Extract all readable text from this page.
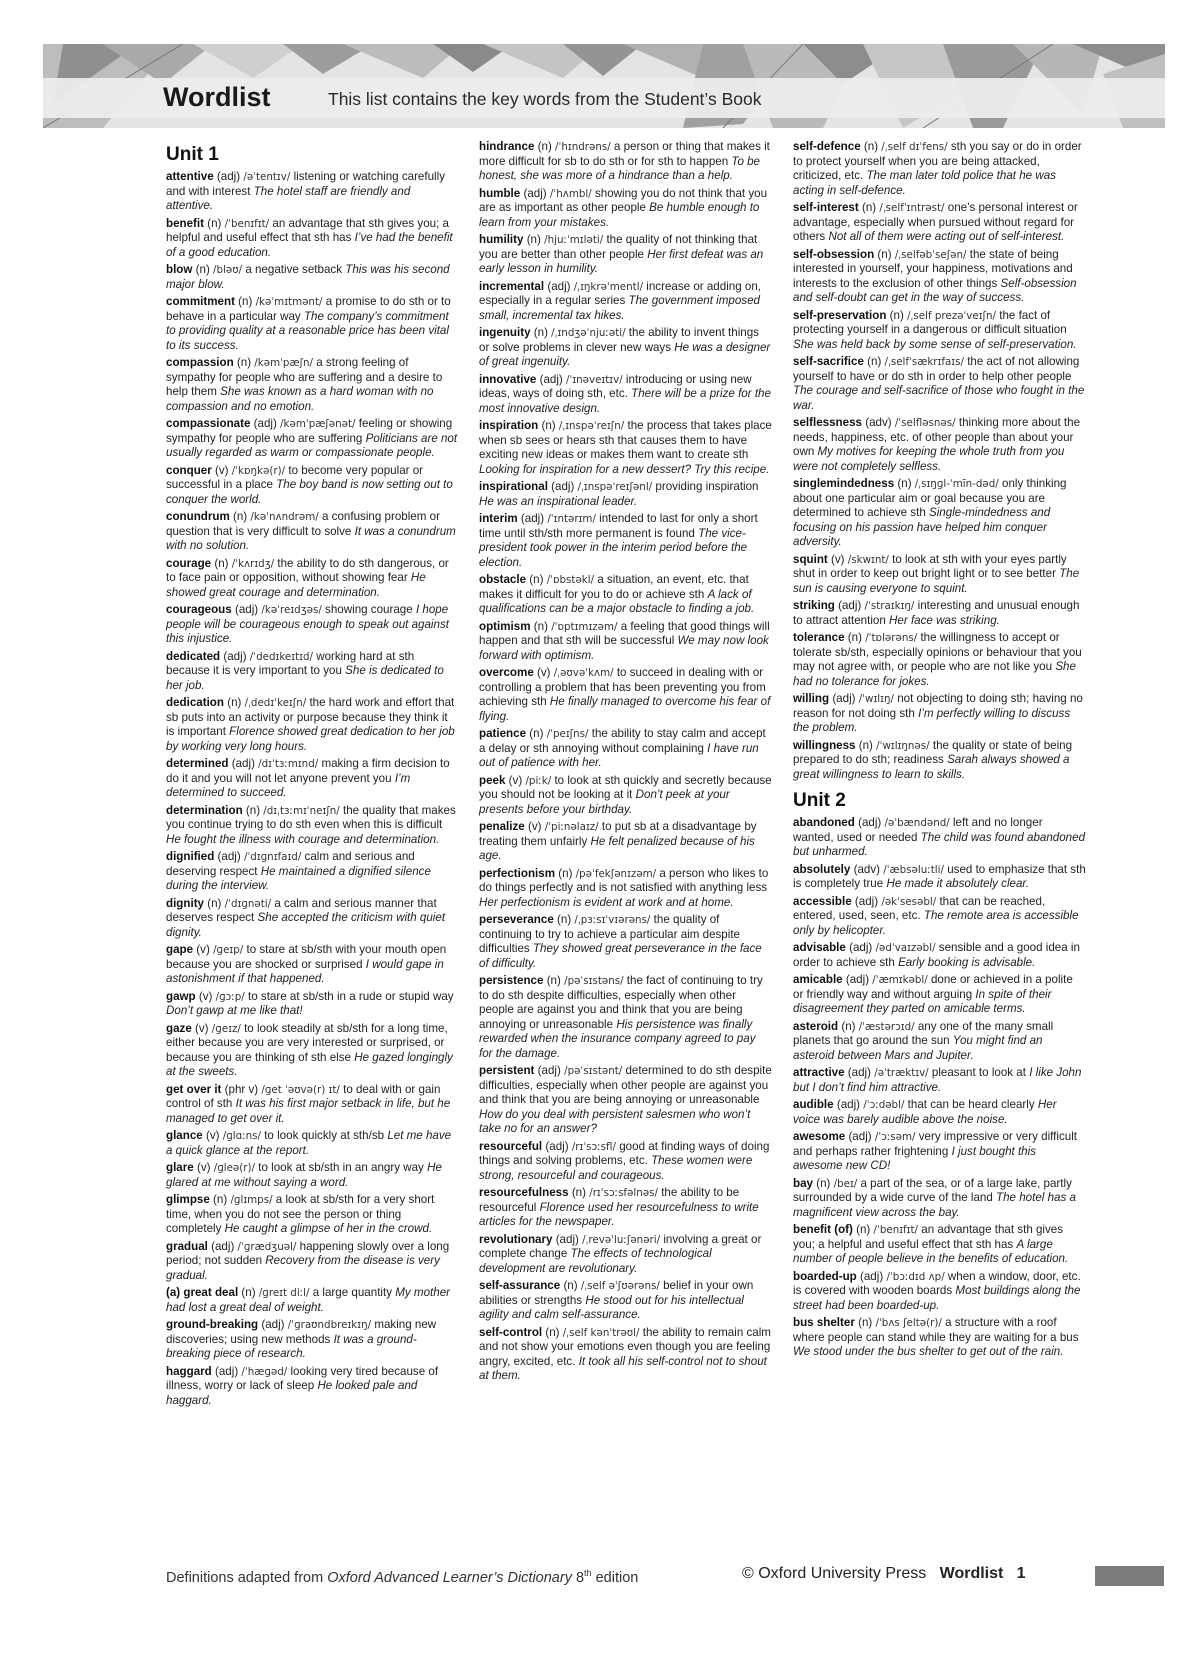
Wordlist	This list contains the key words from the Student’s Book
Unit 1
attentive (adj) /əˈtentɪv/ listening or watching carefully and with interest The hotel staff are friendly and attentive.
benefit (n) /ˈbenɪfɪt/ an advantage that sth gives you; a helpful and useful effect that sth has I’ve had the benefit of a good education.
blow (n) /bləʊ/ a negative setback This was his second major blow.
commitment (n) /kəˈmɪtmənt/ a promise to do sth or to behave in a particular way The company’s commitment to providing quality at a reasonable price has been vital to its success.
compassion (n) /kəmˈpæʃn/ a strong feeling of sympathy for people who are suffering and a desire to help them She was known as a hard woman with no compassion and no emotion.
compassionate (adj) /kəmˈpæʃənət/ feeling or showing sympathy for people who are suffering Politicians are not usually regarded as warm or compassionate people.
conquer (v) /ˈkɒŋkə(r)/ to become very popular or successful in a place The boy band is now setting out to conquer the world.
conundrum (n) /kəˈnʌndrəm/ a confusing problem or question that is very difficult to solve It was a conundrum with no solution.
courage (n) /ˈkʌrɪdʒ/ the ability to do sth dangerous, or to face pain or opposition, without showing fear He showed great courage and determination.
courageous (adj) /kəˈreɪdʒəs/ showing courage I hope people will be courageous enough to speak out against this injustice.
dedicated (adj) /ˈdedɪkeɪtɪd/ working hard at sth because it is very important to you She is dedicated to her job.
dedication (n) /ˌdedɪˈkeɪʃn/ the hard work and effort that sb puts into an activity or purpose because they think it is important Florence showed great dedication to her job by working very long hours.
determined (adj) /dɪˈtɜːmɪnd/ making a firm decision to do it and you will not let anyone prevent you I’m determined to succeed.
determination (n) /dɪˌtɜːmɪˈneɪʃn/ the quality that makes you continue trying to do sth even when this is difficult He fought the illness with courage and determination.
dignified (adj) /ˈdɪɡnɪfaɪd/ calm and serious and deserving respect He maintained a dignified silence during the interview.
dignity (n) /ˈdɪɡnəti/ a calm and serious manner that deserves respect She accepted the criticism with quiet dignity.
gape (v) /ɡeɪp/ to stare at sb/sth with your mouth open because you are shocked or surprised I would gape in astonishment if that happened.
gawp (v) /ɡɔːp/ to stare at sb/sth in a rude or stupid way Don’t gawp at me like that!
gaze (v) /ɡeɪz/ to look steadily at sb/sth for a long time, either because you are very interested or surprised, or because you are thinking of sth else He gazed longingly at the sweets.
get over it (phr v) /ɡet ˈəʊvə(r) ɪt/ to deal with or gain control of sth It was his first major setback in life, but he managed to get over it.
glance (v) /ɡlɑːns/ to look quickly at sth/sb Let me have a quick glance at the report.
glare (v) /ɡleə(r)/ to look at sb/sth in an angry way He glared at me without saying a word.
glimpse (n) /ɡlɪmps/ a look at sb/sth for a very short time, when you do not see the person or thing completely He caught a glimpse of her in the crowd.
gradual (adj) /ˈɡrædʒuəl/ happening slowly over a long period; not sudden Recovery from the disease is very gradual.
(a) great deal (n) /ɡreɪt diːl/ a large quantity My mother had lost a great deal of weight.
ground-breaking (adj) /ˈɡraʊndbreɪkɪŋ/ making new discoveries; using new methods It was a ground-breaking piece of research.
haggard (adj) /ˈhæɡəd/ looking very tired because of illness, worry or lack of sleep He looked pale and haggard.
hindrance (n) /ˈhɪndrəns/ a person or thing that makes it more difficult for sb to do sth or for sth to happen To be honest, she was more of a hindrance than a help.
humble (adj) /ˈhʌmbl/ showing you do not think that you are as important as other people Be humble enough to learn from your mistakes.
humility (n) /hjuːˈmɪləti/ the quality of not thinking that you are better than other people Her first defeat was an early lesson in humility.
incremental (adj) /ˌɪŋkrəˈmentl/ increase or adding on, especially in a regular series The government imposed small, incremental tax hikes.
ingenuity (n) /ˌɪndʒəˈnjuːəti/ the ability to invent things or solve problems in clever new ways He was a designer of great ingenuity.
innovative (adj) /ˈɪnəveɪtɪv/ introducing or using new ideas, ways of doing sth, etc. There will be a prize for the most innovative design.
inspiration (n) /ˌɪnspəˈreɪʃn/ the process that takes place when sb sees or hears sth that causes them to have exciting new ideas or makes them want to create sth Looking for inspiration for a new dessert? Try this recipe.
inspirational (adj) /ˌɪnspəˈreɪʃənl/ providing inspiration He was an inspirational leader.
interim (adj) /ˈɪntərɪm/ intended to last for only a short time until sth/sth more permanent is found The vice-president took power in the interim period before the election.
obstacle (n) /ˈɒbstəkl/ a situation, an event, etc. that makes it difficult for you to do or achieve sth A lack of qualifications can be a major obstacle to finding a job.
optimism (n) /ˈɒptɪmɪzəm/ a feeling that good things will happen and that sth will be successful We may now look forward with optimism.
overcome (v) /ˌəʊvəˈkʌm/ to succeed in dealing with or controlling a problem that has been preventing you from achieving sth He finally managed to overcome his fear of flying.
patience (n) /ˈpeɪʃns/ the ability to stay calm and accept a delay or sth annoying without complaining I have run out of patience with her.
peek (v) /piːk/ to look at sth quickly and secretly because you should not be looking at it Don’t peek at your presents before your birthday.
penalize (v) /ˈpiːnəlaɪz/ to put sb at a disadvantage by treating them unfairly He felt penalized because of his age.
perfectionism (n) /pəˈfekʃənɪzəm/ a person who likes to do things perfectly and is not satisfied with anything less Her perfectionism is evident at work and at home.
perseverance (n) /ˌpɜːsɪˈvɪərəns/ the quality of continuing to try to achieve a particular aim despite difficulties They showed great perseverance in the face of difficulty.
persistence (n) /pəˈsɪstəns/ the fact of continuing to try to do sth despite difficulties, especially when other people are against you and think that you are being annoying or unreasonable His persistence was finally rewarded when the insurance company agreed to pay for the damage.
persistent (adj) /pəˈsɪstənt/ determined to do sth despite difficulties, especially when other people are against you and think that you are being annoying or unreasonable How do you deal with persistent salesmen who won’t take no for an answer?
resourceful (adj) /rɪˈsɔːsfl/ good at finding ways of doing things and solving problems, etc. These women were strong, resourceful and courageous.
resourcefulness (n) /rɪˈsɔːsfəlnəs/ the ability to be resourceful Florence used her resourcefulness to write articles for the newspaper.
revolutionary (adj) /ˌrevəˈluːʃənəri/ involving a great or complete change The effects of technological development are revolutionary.
self-assurance (n) /ˌself əˈʃʊərəns/ belief in your own abilities or strengths He stood out for his intellectual agility and calm self-assurance.
self-control (n) /ˌself kənˈtrəʊl/ the ability to remain calm and not show your emotions even though you are feeling angry, excited, etc. It took all his self-control not to shout at them.
self-defence (n) /ˌself dɪˈfens/ sth you say or do in order to protect yourself when you are being attacked, criticized, etc. The man later told police that he was acting in self-defence.
self-interest (n) /ˌselfˈɪntrəst/ one’s personal interest or advantage, especially when pursued without regard for others Not all of them were acting out of self-interest.
self-obsession (n) /ˌselfəbˈseʃən/ the state of being interested in yourself, your happiness, motivations and interests to the exclusion of other things Self-obsession and self-doubt can get in the way of success.
self-preservation (n) /ˌself prezəˈveɪʃn/ the fact of protecting yourself in a dangerous or difficult situation She was held back by some sense of self-preservation.
self-sacrifice (n) /ˌselfˈsækrɪfaɪs/ the act of not allowing yourself to have or do sth in order to help other people The courage and self-sacrifice of those who fought in the war.
selflessness (adv) /ˈselfləsnəs/ thinking more about the needs, happiness, etc. of other people than about your own My motives for keeping the whole truth from you were not completely selfless.
singlemindedness (n) /ˌsɪŋɡl-ˈmīn-dəd/ only thinking about one particular aim or goal because you are determined to achieve sth Single-mindedness and focusing on his passion have helped him conquer adversity.
squint (v) /skwɪnt/ to look at sth with your eyes partly shut in order to keep out bright light or to see better The sun is causing everyone to squint.
striking (adj) /ˈstraɪkɪŋ/ interesting and unusual enough to attract attention Her face was striking.
tolerance (n) /ˈtɒlərəns/ the willingness to accept or tolerate sb/sth, especially opinions or behaviour that you may not agree with, or people who are not like you She had no tolerance for jokes.
willing (adj) /ˈwɪlɪŋ/ not objecting to doing sth; having no reason for not doing sth I’m perfectly willing to discuss the problem.
willingness (n) /ˈwɪlɪŋnəs/ the quality or state of being prepared to do sth; readiness Sarah always showed a great willingness to learn to skills.
Unit 2
abandoned (adj) /əˈbændənd/ left and no longer wanted, used or needed The child was found abandoned but unharmed.
absolutely (adv) /ˈæbsəluːtli/ used to emphasize that sth is completely true He made it absolutely clear.
accessible (adj) /əkˈsesəbl/ that can be reached, entered, used, seen, etc. The remote area is accessible only by helicopter.
advisable (adj) /ədˈvaɪzəbl/ sensible and a good idea in order to achieve sth Early booking is advisable.
amicable (adj) /ˈæmɪkəbl/ done or achieved in a polite or friendly way and without arguing In spite of their disagreement they parted on amicable terms.
asteroid (n) /ˈæstərɔɪd/ any one of the many small planets that go around the sun You might find an asteroid between Mars and Jupiter.
attractive (adj) /əˈtræktɪv/ pleasant to look at I like John but I don’t find him attractive.
audible (adj) /ˈɔːdəbl/ that can be heard clearly Her voice was barely audible above the noise.
awesome (adj) /ˈɔːsəm/ very impressive or very difficult and perhaps rather frightening I just bought this awesome new CD!
bay (n) /beɪ/ a part of the sea, or of a large lake, partly surrounded by a wide curve of the land The hotel has a magnificent view across the bay.
benefit (of) (n) /ˈbenɪfɪt/ an advantage that sth gives you; a helpful and useful effect that sth has A large number of people believe in the benefits of education.
boarded-up (adj) /ˈbɔːdɪd ʌp/ when a window, door, etc. is covered with wooden boards Most buildings along the street had been boarded-up.
bus shelter (n) /ˈbʌs ʃeltə(r)/ a structure with a roof where people can stand while they are waiting for a bus We stood under the bus shelter to get out of the rain.
Definitions adapted from Oxford Advanced Learner’s Dictionary 8th edition	© Oxford University Press Wordlist 1
